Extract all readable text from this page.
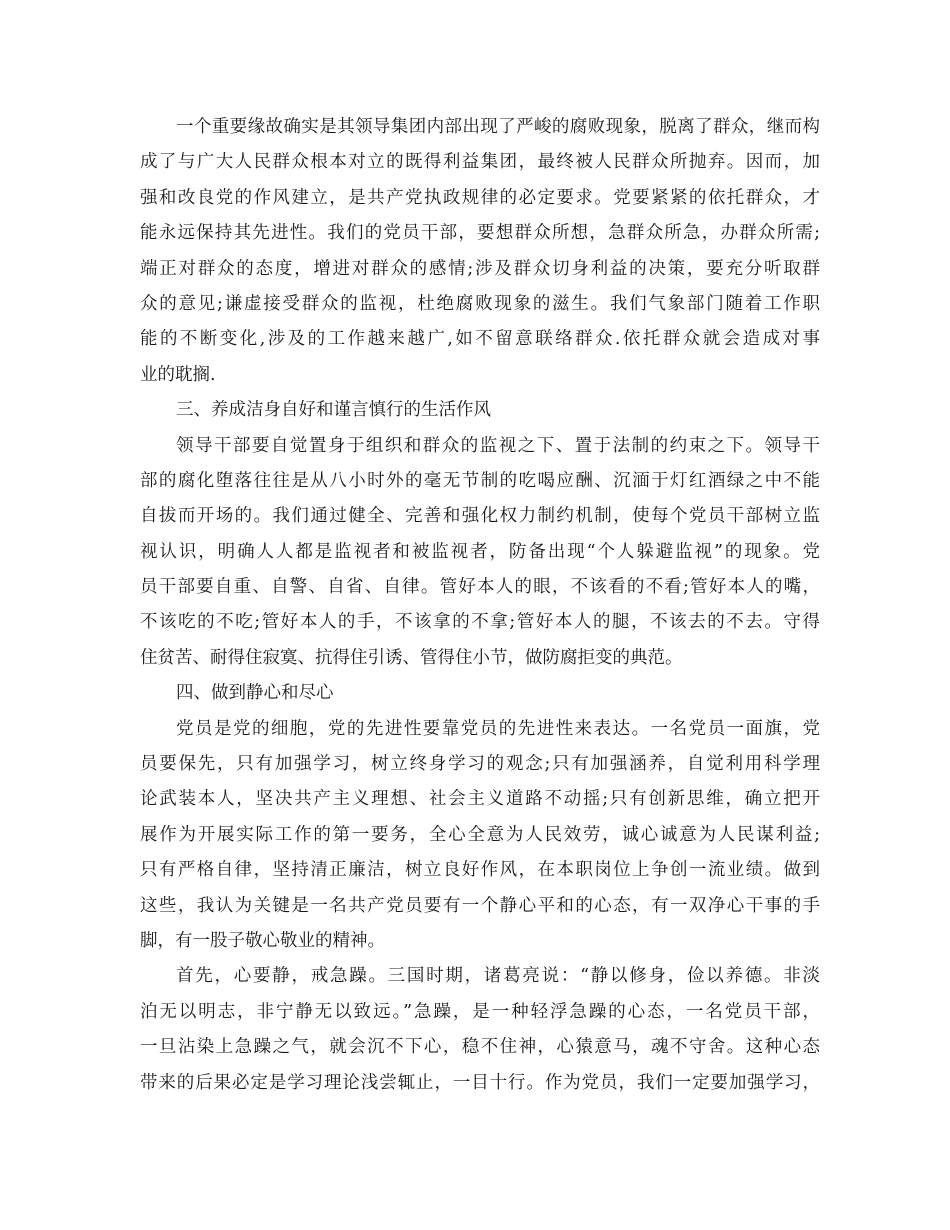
一个重要缘故确实是其领导集团内部出现了严峻的腐败现象，脱离了群众，继而构
成了与广大人民群众根本对立的既得利益集团，最终被人民群众所抛弃。因而，加
强和改良党的作风建立，是共产党执政规律的必定要求。党要紧紧的依托群众，才
能永远保持其先进性。我们的党员干部，要想群众所想，急群众所急，办群众所需;
端正对群众的态度，增进对群众的感情;涉及群众切身利益的决策，要充分听取群
众的意见;谦虚接受群众的监视，杜绝腐败现象的滋生。我们气象部门随着工作职
能的不断变化,涉及的工作越来越广,如不留意联络群众.依托群众就会造成对事
业的耽搁.
三、养成洁身自好和谨言慎行的生活作风
领导干部要自觉置身于组织和群众的监视之下、置于法制的约束之下。领导干
部的腐化堕落往往是从八小时外的毫无节制的吃喝应酬、沉湎于灯红酒绿之中不能
自拔而开场的。我们通过健全、完善和强化权力制约机制，使每个党员干部树立监
视认识，明确人人都是监视者和被监视者，防备出现“个人躲避监视”的现象。党
员干部要自重、自警、自省、自律。管好本人的眼，不该看的不看;管好本人的嘴，
不该吃的不吃;管好本人的手，不该拿的不拿;管好本人的腿，不该去的不去。守得
住贫苦、耐得住寂寞、抗得住引诱、管得住小节，做防腐拒变的典范。
四、做到静心和尽心
党员是党的细胞，党的先进性要靠党员的先进性来表达。一名党员一面旗，党
员要保先，只有加强学习，树立终身学习的观念;只有加强涵养，自觉利用科学理
论武装本人，坚决共产主义理想、社会主义道路不动摇;只有创新思维，确立把开
展作为开展实际工作的第一要务，全心全意为人民效劳，诚心诚意为人民谋利益;
只有严格自律，坚持清正廉洁，树立良好作风，在本职岗位上争创一流业绩。做到
这些，我认为关键是一名共产党员要有一个静心平和的心态，有一双净心干事的手
脚，有一股子敬心敬业的精神。
首先，心要静，戒急躁。三国时期，诸葛亮说：“静以修身，俭以养德。非淡
泊无以明志，非宁静无以致远。”急躁，是一种轻浮急躁的心态，一名党员干部，
一旦沾染上急躁之气，就会沉不下心，稳不住神，心猿意马，魂不守舍。这种心态
带来的后果必定是学习理论浅尝辄止，一目十行。作为党员，我们一定要加强学习，
